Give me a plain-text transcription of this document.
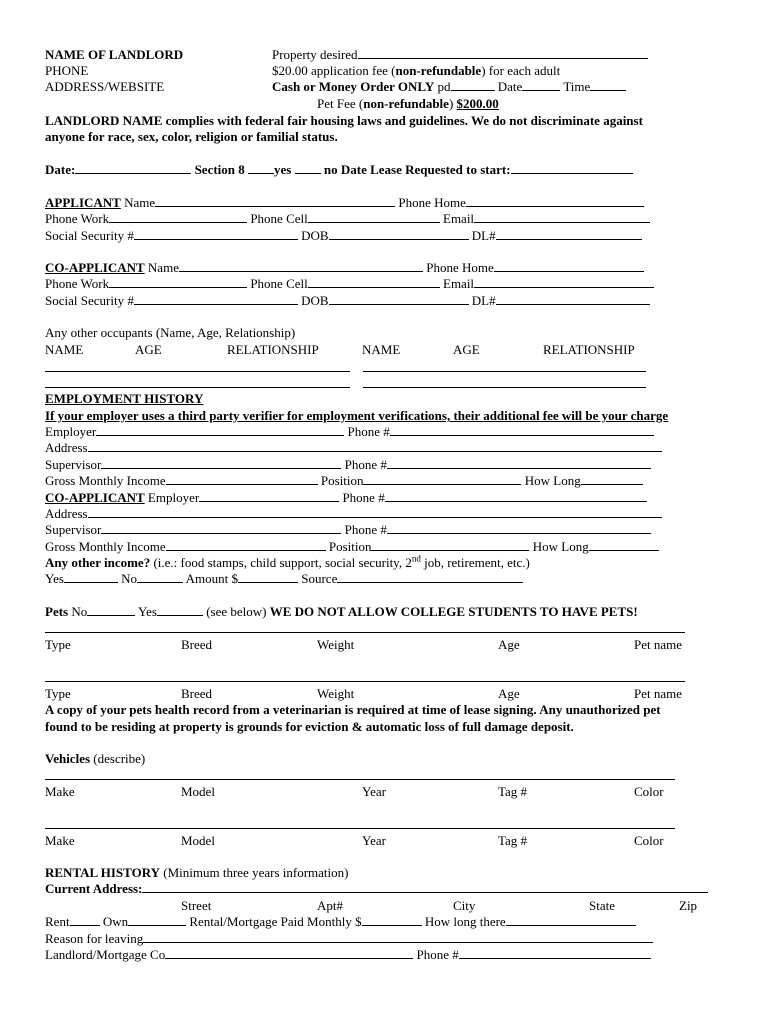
NAME OF LANDLORD
PHONE
ADDRESS/WEBSITE
Property desired
$20.00 application fee (non-refundable) for each adult
Cash or Money Order ONLY pd	Date	Time
Pet Fee (non-refundable) $200.00
LANDLORD NAME complies with federal fair housing laws and guidelines. We do not discriminate against
anyone for race, sex, color, religion or familial status.
Date:	Section 8 yes	no Date Lease Requested to start:
APPLICANT Name	Phone Home
Phone Work	Phone Cell	Email
Social Security #	DOB	DL#
CO-APPLICANT Name	Phone Home
Phone Work	Phone Cell	Email
Social Security #	DOB	DL#
Any other occupants (Name, Age, Relationship)
NAME	AGE	RELATIONSHIP	NAME	AGE	RELATIONSHIP
EMPLOYMENT HISTORY
If your employer uses a third party verifier for employment verifications, their additional fee will be your charge
Employer	Phone #
Address
Supervisor	Phone #
Gross Monthly Income	Position	How Long
CO-APPLICANT Employer	Phone #
Address
Supervisor	Phone #
Gross Monthly Income	Position	How Long
Any other income? (i.e.: food stamps, child support, social security, 2nd job, retirement, etc.)
Yes	No	Amount $	Source
Pets No	Yes	(see below) WE DO NOT ALLOW COLLEGE STUDENTS TO HAVE PETS!
Type	Breed	Weight	Age	Pet name
Type	Breed	Weight	Age	Pet name
A copy of your pets health record from a veterinarian is required at time of lease signing. Any unauthorized pet
found to be residing at property is grounds for eviction & automatic loss of full damage deposit.
Vehicles (describe)
Make	Model	Year	Tag #	Color
Make	Model	Year	Tag #	Color
RENTAL HISTORY (Minimum three years information)
Current Address:
Street	Apt#	City	State	Zip
Rent	Own	Rental/Mortgage Paid Monthly $	How long there
Reason for leaving
Landlord/Mortgage Co	Phone #
